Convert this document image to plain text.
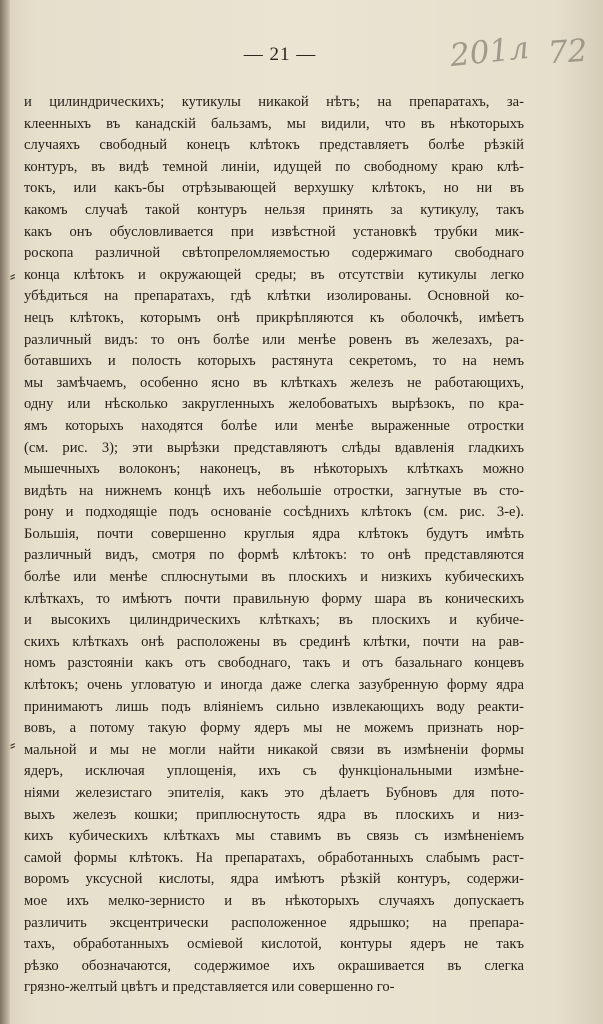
— 21 —	201л 72
⸗
⸗
и цилиндрическихъ; кутикулы никакой нѣтъ; на препаратахъ, за-
клеенныхъ въ канадскій бальзамъ, мы видили, что въ нѣкоторыхъ
случаяхъ свободный конецъ клѣтокъ представляетъ болѣе рѣзкій
контуръ, въ видѣ темной линіи, идущей по свободному краю клѣ-
токъ, или какъ-бы отрѣзывающей верхушку клѣтокъ, но ни въ
какомъ случаѣ такой контуръ нельзя принять за кутикулу, такъ
какъ онъ обусловливается при извѣстной установкѣ трубки мик-
роскопа различной свѣтопреломляемостью содержимаго свободнаго
конца клѣтокъ и окружающей среды; въ отсутствіи кутикулы легко
убѣдиться на препаратахъ, гдѣ клѣтки изолированы. Основной ко-
нецъ клѣтокъ, которымъ онѣ прикрѣпляются къ оболочкѣ, имѣетъ
различный видъ: то онъ болѣе или менѣе ровенъ въ железахъ, ра-
ботавшихъ и полость которыхъ растянута секретомъ, то на немъ
мы замѣчаемъ, особенно ясно въ клѣткахъ железъ не работающихъ,
одну или нѣсколько закругленныхъ желобоватыхъ вырѣзокъ, по кра-
ямъ которыхъ находятся болѣе или менѣе выраженные отростки
(см. рис. 3); эти вырѣзки представляютъ слѣды вдавленія гладкихъ
мышечныхъ волоконъ; наконецъ, въ нѣкоторыхъ клѣткахъ можно
видѣть на нижнемъ концѣ ихъ небольшіе отростки, загнутые въ сто-
рону и подходящіе подъ основаніе сосѣднихъ клѣтокъ (см. рис. 3-е).
Большія, почти совершенно круглыя ядра клѣтокъ будутъ имѣть
различный видъ, смотря по формѣ клѣтокъ: то онѣ представляются
болѣе или менѣе сплюснутыми въ плоскихъ и низкихъ кубическихъ
клѣткахъ, то имѣютъ почти правильную форму шара въ коническихъ
и высокихъ цилиндрическихъ клѣткахъ; въ плоскихъ и кубиче-
скихъ клѣткахъ онѣ расположены въ срединѣ клѣтки, почти на рав-
номъ разстояніи какъ отъ свободнаго, такъ и отъ базальнаго концевъ
клѣтокъ; очень угловатую и иногда даже слегка зазубренную форму ядра
принимаютъ лишь подъ вліяніемъ сильно извлекающихъ воду реакти-
вовъ, а потому такую форму ядеръ мы не можемъ признать нор-
мальной и мы не могли найти никакой связи въ измѣненіи формы
ядеръ, исключая уплощенія, ихъ съ функціональными измѣне-
ніями железистаго эпителія, какъ это дѣлаетъ Бубновъ для пото-
выхъ железъ кошки; приплюснутость ядра въ плоскихъ и низ-
кихъ кубическихъ клѣткахъ мы ставимъ въ связь съ измѣненіемъ
самой формы клѣтокъ. На препаратахъ, обработанныхъ слабымъ раст-
воромъ уксусной кислоты, ядра имѣютъ рѣзкій контуръ, содержи-
мое ихъ мелко-зернисто и въ нѣкоторыхъ случаяхъ допускаетъ
различить эксцентрически расположенное ядрышко; на препара-
тахъ, обработанныхъ осміевой кислотой, контуры ядеръ не такъ
рѣзко обозначаются, содержимое ихъ окрашивается въ слегка
грязно-желтый цвѣтъ и представляется или совершенно го-
